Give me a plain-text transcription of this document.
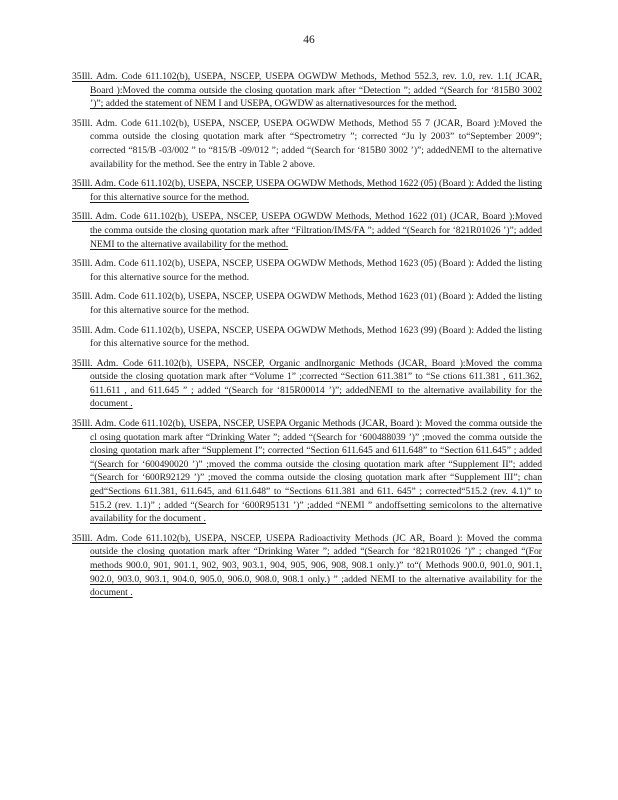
46

35Ill. Adm. Code 611.102(b), USEPA, NSCEP, USEPA OGWDW Methods, Method 552.3, rev. 1.0, rev. 1.1( JCAR, Board ):Moved the comma outside the closing quotation mark after “Detection ”; added “(Search for ‘815B0 3002 ’)”; added the statement of NEM I and USEPA, OGWDW as alternativesources for the method.

35Ill. Adm. Code 611.102(b), USEPA, NSCEP, USEPA OGWDW Methods, Method 55 7 (JCAR, Board ):Moved the comma outside the closing quotation mark after “Spectrometry ”; corrected “Ju ly 2003” to“September 2009”; corrected “815/B -03/002 ” to “815/B -09/012 ”; added “(Search for ‘815B0 3002 ’)”; addedNEMI to the alternative availability for the method. See the entry in Table 2 above.

35Ill. Adm. Code 611.102(b), USEPA, NSCEP, USEPA OGWDW Methods, Method 1622 (05) (Board ): Added the listing for this alternative source for the method.

35Ill. Adm. Code 611.102(b), USEPA, NSCEP, USEPA OGWDW Methods, Method 1622 (01) (JCAR, Board ):Moved the comma outside the closing quotation mark after “Filtration/IMS/FA ”; added “(Search for ‘821R01026 ’)”; added NEMI to the alternative availability for the method.

35Ill. Adm. Code 611.102(b), USEPA, NSCEP, USEPA OGWDW Methods, Method 1623 (05) (Board ): Added the listing for this alternative source for the method.

35Ill. Adm. Code 611.102(b), USEPA, NSCEP, USEPA OGWDW Methods, Method 1623 (01) (Board ): Added the listing for this alternative source for the method.

35Ill. Adm. Code 611.102(b), USEPA, NSCEP, USEPA OGWDW Methods, Method 1623 (99) (Board ): Added the listing for this alternative source for the method.

35Ill. Adm. Code 611.102(b), USEPA, NSCEP, Organic andInorganic Methods (JCAR, Board ):Moved the comma outside the closing quotation mark after “Volume 1” ;corrected “Section 611.381” to “Se ctions 611.381 , 611.362, 611.611 , and 611.645 ” ; added “(Search for ‘815R00014 ’)”; addedNEMI to the alternative availability for the document .

35Ill. Adm. Code 611.102(b), USEPA, NSCEP, USEPA Organic Methods (JCAR, Board ): Moved the comma outside the cl osing quotation mark after “Drinking Water ”; added “(Search for ‘600488039 ’)” ;moved the comma outside the closing quotation mark after “Supplement I”; corrected “Section 611.645 and 611.648” to “Section 611.645” ; added “(Search for ‘600490020 ’)” ;moved the comma outside the closing quotation mark after “Supplement II”; added “(Search for ‘600R92129 ’)” ;moved the comma outside the closing quotation mark after “Supplement III”; chan ged“Sections 611.381, 611.645, and 611.648” to “Sections 611.381 and 611. 645” ; corrected“515.2 (rev. 4.1)” to 515.2 (rev. 1.1)” ; added “(Search for ‘600R95131 ’)” ;added “NEMI ” andoffsetting semicolons to the alternative availability for the document .

35Ill. Adm. Code 611.102(b), USEPA, NSCEP, USEPA Radioactivity Methods (JC AR, Board ): Moved the comma outside the closing quotation mark after “Drinking Water ”; added “(Search for ‘821R01026 ’)” ; changed “(For methods 900.0, 901, 901.1, 902, 903, 903.1, 904, 905, 906, 908, 908.1 only.)” to“( Methods 900.0, 901.0, 901.1, 902.0, 903.0, 903.1, 904.0, 905.0, 906.0, 908.0, 908.1 only.) ” ;added NEMI to the alternative availability for the document .
